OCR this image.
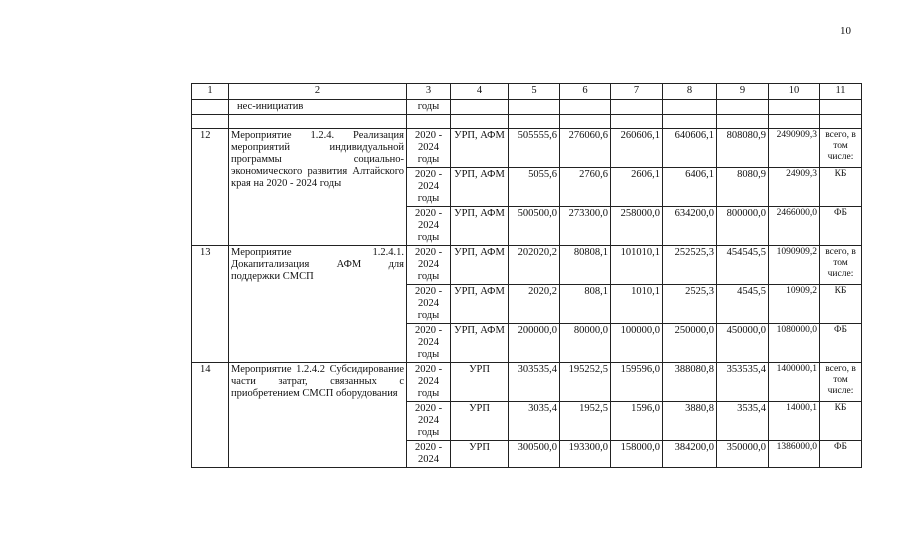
10
1	2	3	4	5	6	7	8	9	10	11
	нес-инициатив	годы								

12	Мероприятие 1.2.4. Реализация мероприятий индивидуальной программы социально-экономического развития Алтайского края на 2020 - 2024 годы	2020 - 2024 годы	УРП, АФМ	505555,6	276060,6	260606,1	640606,1	808080,9	2490909,3	всего, в том числе:
		2020 - 2024 годы	УРП, АФМ	5055,6	2760,6	2606,1	6406,1	8080,9	24909,3	КБ
		2020 - 2024 годы	УРП, АФМ	500500,0	273300,0	258000,0	634200,0	800000,0	2466000,0	ФБ
13	Мероприятие 1.2.4.1. Докапитализация АФМ для поддержки СМСП	2020 - 2024 годы	УРП, АФМ	202020,2	80808,1	101010,1	252525,3	454545,5	1090909,2	всего, в том числе:
		2020 - 2024 годы	УРП, АФМ	2020,2	808,1	1010,1	2525,3	4545,5	10909,2	КБ
		2020 - 2024 годы	УРП, АФМ	200000,0	80000,0	100000,0	250000,0	450000,0	1080000,0	ФБ
14	Мероприятие 1.2.4.2 Субсидирование части затрат, связанных с приобретением СМСП оборудования	2020 - 2024 годы	УРП	303535,4	195252,5	159596,0	388080,8	353535,4	1400000,1	всего, в том числе:
		2020 - 2024 годы	УРП	3035,4	1952,5	1596,0	3880,8	3535,4	14000,1	КБ
		2020 - 2024	УРП	300500,0	193300,0	158000,0	384200,0	350000,0	1386000,0	ФБ
